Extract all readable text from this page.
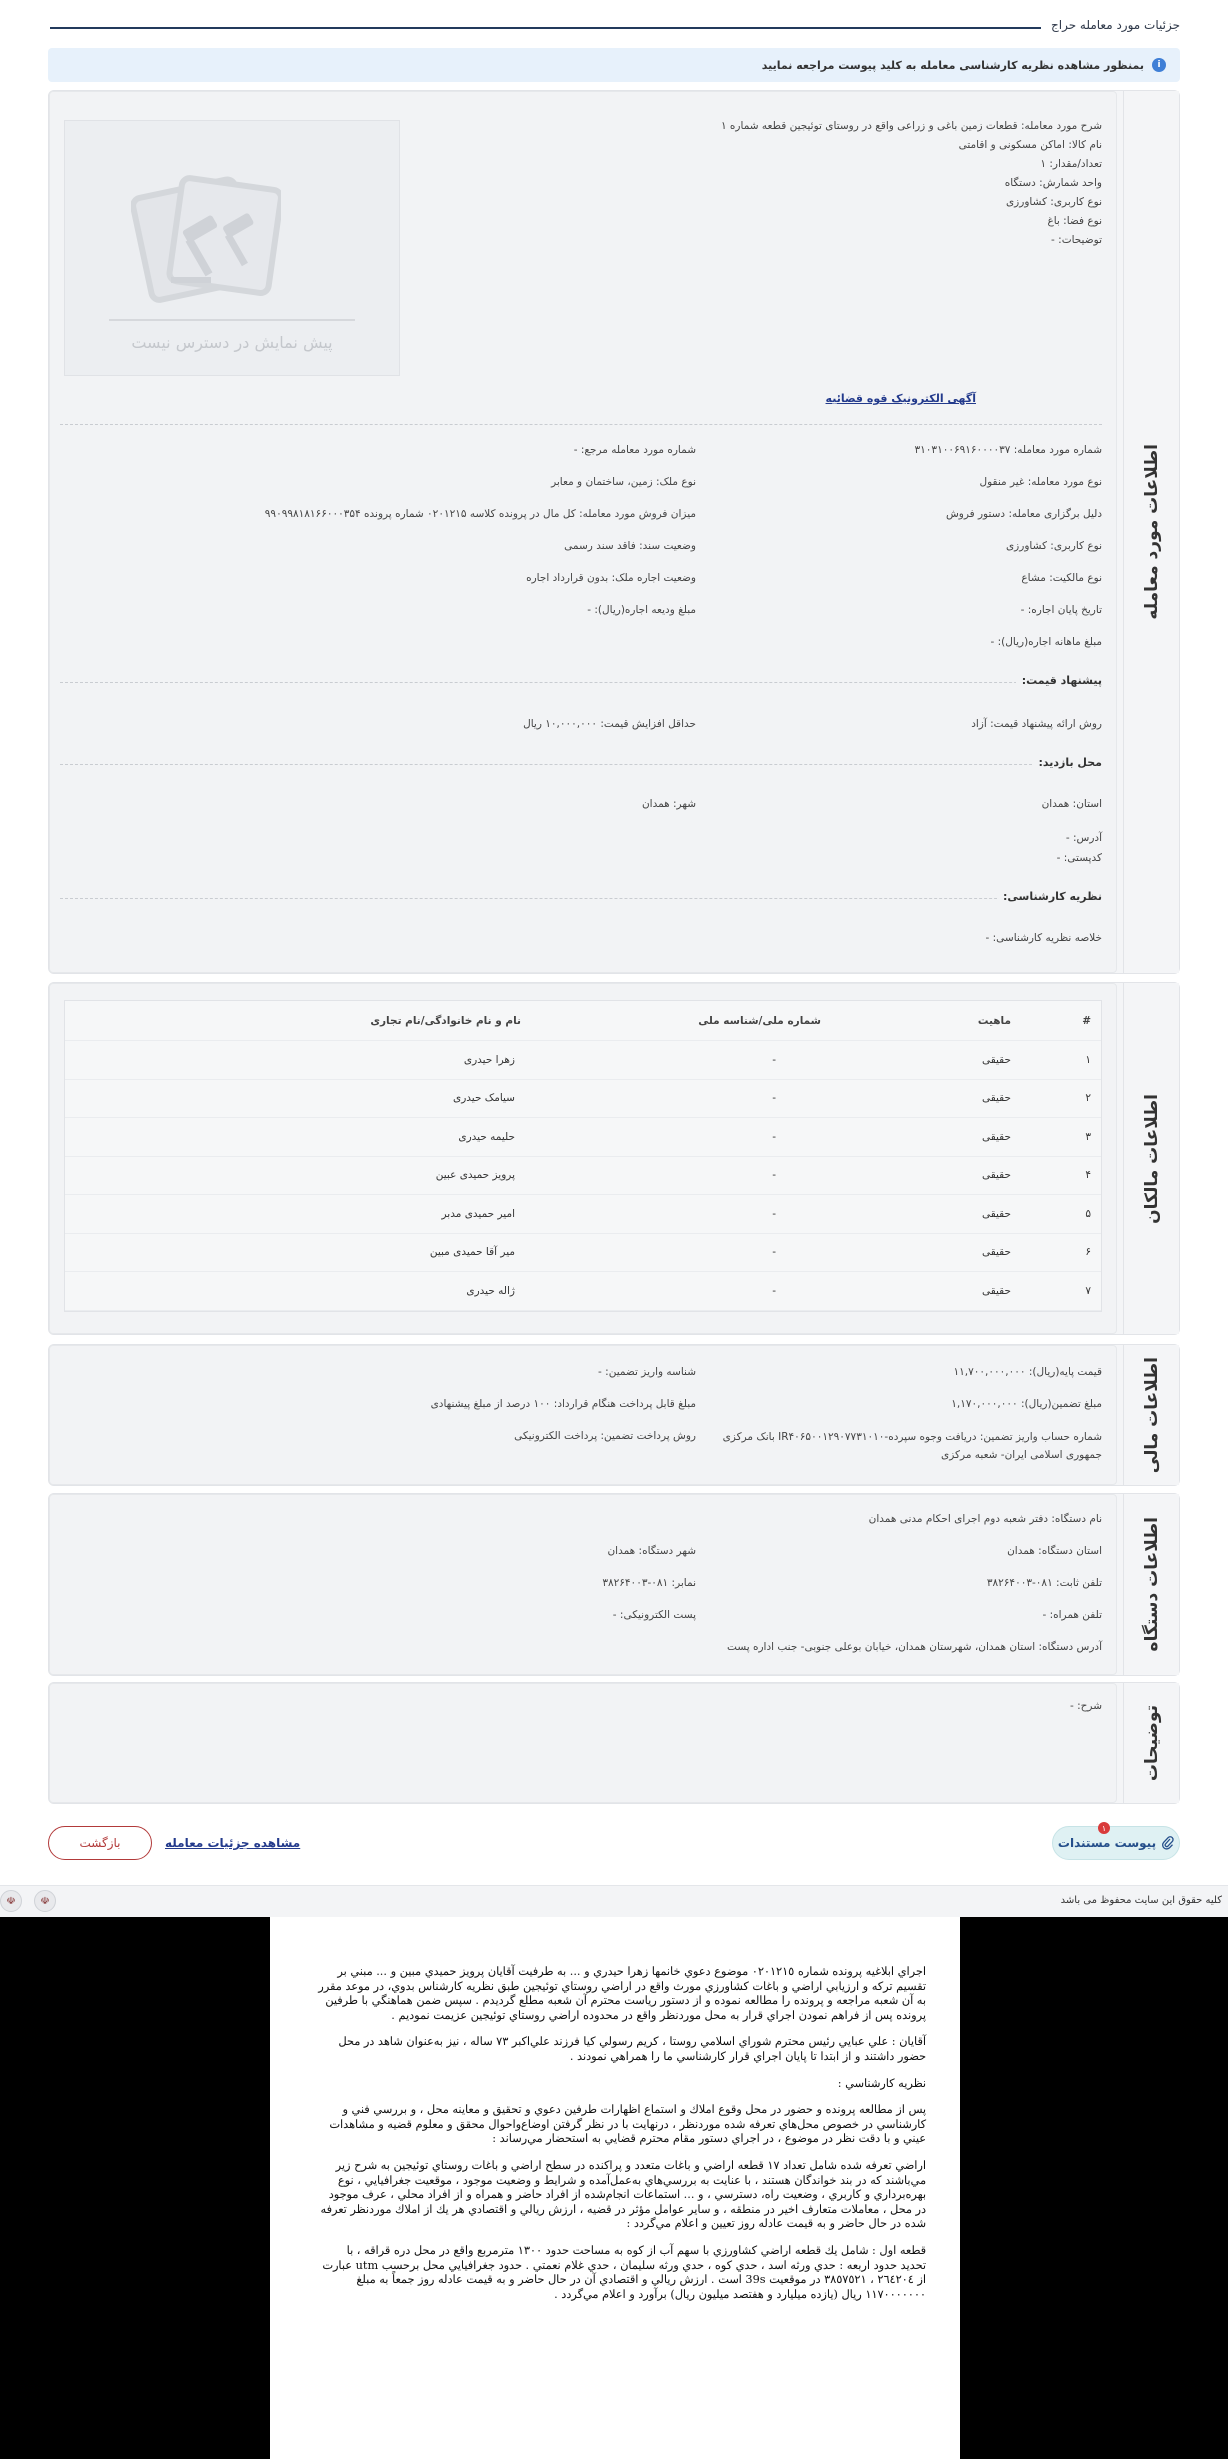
جزئیات مورد معامله حراج
i
بمنظور مشاهده نظریه کارشناسی معامله به کلید پیوست مراجعه نمایید
اطلاعات مورد معامله
شرح مورد معامله: قطعات زمین باغی و زراعی واقع در روستای توئیجین قطعه شماره ۱
نام کالا: اماکن مسکونی و اقامتی
تعداد/مقدار: ۱
واحد شمارش: دستگاه
نوع کاربری: کشاورزی
نوع فضا: باغ
توضیحات: -
پیش نمایش در دسترس نیست
آگهی الکترونیک قوه قضائیه
شماره مورد معامله: ۳۱۰۳۱۰۰۶۹۱۶۰۰۰۰۳۷
نوع مورد معامله: غیر منقول
دلیل برگزاری معامله: دستور فروش
نوع کاربری: کشاورزی
نوع مالکیت: مشاع
تاریخ پایان اجاره: -
مبلغ ماهانه اجاره(ریال): -
شماره مورد معامله مرجع: -
نوع ملک: زمین، ساختمان و معابر
میزان فروش مورد معامله: کل مال در پرونده کلاسه ۰۲۰۱۲۱۵ شماره پرونده ۹۹۰۹۹۸۱۸۱۶۶۰۰۰۳۵۴
وضعیت سند: فاقد سند رسمی
وضعیت اجاره ملک: بدون قرارداد اجاره
مبلغ ودیعه اجاره(ریال): -
پیشنهاد قیمت:
روش ارائه پیشنهاد قیمت: آزاد
حداقل افزایش قیمت: ۱۰,۰۰۰,۰۰۰ ریال
محل بازدید:
استان: همدان
شهر: همدان
آدرس: -
کدپستی: -
نظریه کارشناسی:
خلاصه نظریه کارشناسی: -
اطلاعات مالکان
#
ماهیت
شماره ملی/شناسه ملی
نام و نام خانوادگی/نام تجاری
۱
حقیقی
-
زهرا حیدری
۲
حقیقی
-
سیامک حیدری
۳
حقیقی
-
حلیمه حیدری
۴
حقیقی
-
پرویز حمیدی عبین
۵
حقیقی
-
امیر حمیدی مدبر
۶
حقیقی
-
میر آقا حمیدی مبین
۷
حقیقی
-
ژاله حیدری
اطلاعات مالی
قیمت پایه(ریال): ۱۱,۷۰۰,۰۰۰,۰۰۰
شناسه واریز تضمین: -
مبلغ تضمین(ریال): ۱,۱۷۰,۰۰۰,۰۰۰
مبلغ قابل پرداخت هنگام قرارداد: ۱۰۰ درصد از مبلغ پیشنهادی
شماره حساب واریز تضمین: دریافت وجوه سپرده-IR۴۰۶۵۰۰۱۲۹۰۷۷۳۱۰۱۰ بانک مرکزی جمهوری اسلامی ایران- شعبه مرکزی
روش پرداخت تضمین: پرداخت الکترونیکی
اطلاعات دستگاه
نام دستگاه: دفتر شعبه دوم اجرای احکام مدنی همدان
استان دستگاه: همدان
شهر دستگاه: همدان
تلفن ثابت: ۰۸۱-۳۸۲۶۴۰۰۳
نمابر: ۰۸۱-۳۸۲۶۴۰۰۳
تلفن همراه: -
پست الکترونیکی: -
آدرس دستگاه: استان همدان، شهرستان همدان، خیابان بوعلی جنوبی- جنب اداره پست
توضیحات
شرح: -
پیوست مستندات
۱
مشاهده جزئیات معامله
بازگشت
کلیه حقوق این سایت محفوظ می باشد
☫
☫

اجراي ابلاغيه پرونده شماره ٠٢٠١٢١٥ موضوع دعوي خانمها زهرا حيدري و ... به طرفيت آقايان پرويز حميدي مبين و ... مبني بر تقسيم تركه و ارزيابي اراضي و باغات كشاورزي مورث واقع در اراضي روستاي توئيجين طبق نظريه كارشناس بدوي، در موعد مقرر به آن شعبه مراجعه و پرونده را مطالعه نموده و از دستور رياست محترم آن شعبه مطلع گرديدم . سپس ضمن هماهنگي با طرفين پرونده پس از فراهم نمودن اجراي قرار به محل موردنظر واقع در محدوده اراضي روستاي توئيجين عزيمت نموديم .

آقايان : علي عبايي رئيس محترم شوراي اسلامي روستا ، كريم رسولي كيا فرزند علي‌اكبر ٧٣ ساله ، نيز به‌عنوان شاهد در محل حضور داشتند و از ابتدا تا پايان اجراي قرار كارشناسي ما را همراهي نمودند .

نظريه كارشناسي :

پس از مطالعه پرونده و حضور در محل وقوع املاك و استماع اظهارات طرفين دعوي و تحقيق و معاينه محل ، و بررسي فني و كارشناسي در خصوص محل‌هاي تعرفه شده موردنظر ، درنهايت با در نظر گرفتن اوضاع‌واحوال محقق و معلوم قضيه و مشاهدات عيني و با دقت نظر در موضوع ، در اجراي دستور مقام محترم قضايي به استحضار مي‌رساند :

اراضي تعرفه شده شامل تعداد ١٧ قطعه اراضي و باغات متعدد و پراكنده در سطح اراضي و باغات روستاي توئيجين به شرح زير مي‌باشند كه در بند خواندگان هستند ، با عنايت به بررسي‌هاي به‌عمل‌آمده و شرايط و وضعيت موجود ، موقعيت جغرافيايي ، نوع بهره‌برداري و كاربري ، وضعيت راه، دسترسي ، و ... استماعات انجام‌شده از افراد حاضر و همراه و از افراد محلي ، عرف موجود در محل ، معاملات متعارف اخير در منطقه ، و ساير عوامل مؤثر در قضيه ، ارزش ريالي و اقتصادي هر يك از املاك مورد‌نظر تعرفه شده در حال حاضر و به قيمت عادله روز تعيين و اعلام مي‌گردد :

قطعه اول : شامل يك قطعه اراضي كشاورزي با سهم آب از كوه به مساحت حدود ١٣٠٠ مترمربع واقع در محل دره قراقه ، با تحديد حدود اربعه : حدي ورثه اسد ، حدي كوه ، حدي ورثه سليمان ، حدي غلام نعمتي . حدود جغرافيايي محل برحسب utm عبارت از ٢٦٤٢٠٤ ، ٣٨٥٧٥٢١ در موقعيت 39s است . ارزش ريالي و اقتصادي آن در حال حاضر و به قيمت عادله روز جمعاً به مبلغ ١١٧٠٠٠٠٠٠٠ ريال (يازده ميليارد و هفتصد ميليون ريال) برآورد و اعلام مي‌گردد .
